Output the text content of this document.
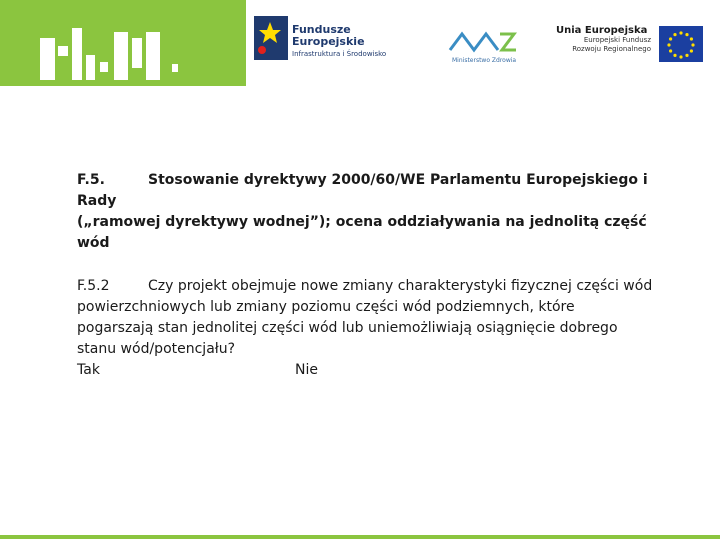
Fundusze
Europejskie
Infrastruktura i Środowisko
Ministerstwo Zdrowia
Unia Europejska
Europejski Fundusz
Rozwoju Regionalnego
F.5.	Stosowanie dyrektywy 2000/60/WE Parlamentu Europejskiego i Rady
(„ramowej dyrektywy wodnej”); ocena oddziaływania na jednolitą część wód
F.5.2	Czy projekt obejmuje nowe zmiany charakterystyki fizycznej części wód
powierzchniowych lub zmiany poziomu części wód podziemnych, które
pogarszają stan jednolitej części wód lub uniemożliwiają osiągnięcie dobrego
stanu wód/potencjału?
Tak	Nie
